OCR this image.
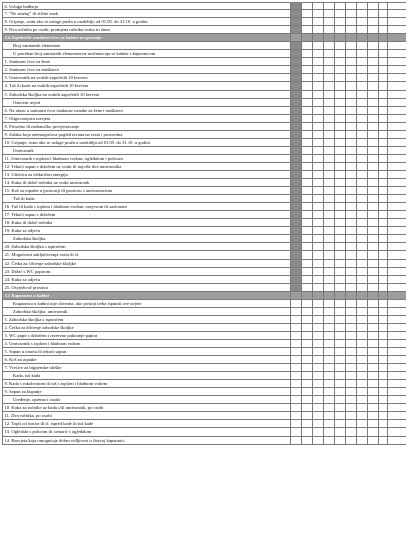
6. Usluga buđenja
7. "Ne smetaj" ili slične znak
8. Grijanje, osim ako se usluge pruža u razdoblju od 01.05. do 31.10. u godini
9. Dva ručnika po osobi, promjena ručnika svaka tri dana
3.4 Zajednički sanitarni čvor uz kabine za spavanje
Broj sanitarnih elemenata
U potreban broj sanitarnih elemenata ne uračunavaju se kabine s kupaonicom
1. Sanitarni čvor za žene
2. Sanitarni čvor za muškarce
3. Umivaonik na svakih započetih 10 kreveta
4. Tuš ili kada na svakih započetih 10 kreveta
5. Zahodska školjka na svakih započetih 10 kreveta
Osnovni uvjeti
6. Na ulazu u sanitarni čvor istaknute oznake za žene i muškarce
7. Odgovarajuća rasvjeta
8. Prirodno ili mehaničko provjetravanje
9. Zaštita koja onemogućava pogled izvana na vrata i prozorima
10. Grijanje, osim ako se usluge pruža u razdoblju od 01.05. do 31.10. u godini
Umivaonik
11. Umivaonik s toplom i hladnom vodom, ogledalom i policom
12. Tekući sapun s držačem uz svaki ili najviše dva umivaonika
13. Utičnica za električnu energiju
14. Kuka ili držač ručnika uz svaki umivaonik
15. Koš za otpatke u prostoriji ili prostoru s umivaonicima
Tuš ili kada
16. Tuš ili kada s toplom i hladnom vodom, zavjesom ili zaslonom
17. Tekući sapun s držačem
18. Kuka ili držač ručnika
19. Kuka za odjeću
Zahodska školjka
20. Zahodska školjka s ispiračem
21. Mogućnost zaključavanja vrata ili sl.
22. Četka za čišćenje zahodske školjke
23. Držač s WC papirom
24. Kuka za odjeću
25. Osvježivač prostora
3.5 Kupaonica u kabini
Kupaonica u kabini nije obvezna, ako postoji treba ispuniti ove uvjete
Zahodska školjka, umivaonik
1. Zahodska školjka s ispiračem
2. Četka za čišćenje zahodske školjke
3. WC papir s držačem i rezervno pakiranje papira
4. Umivaonik s toplom i hladnom vodom
5. Sapun u omotu ili tekući sapun
6. Koš za otpatke
7. Vrećice za higijenske uloške
Kada, tuš kada
8. Kada s rukohvatom ili tuš s toplom i hladnom vodom
9. Sapun za kupanje
Uređenje, oprema i ostalo
10. Kuka za ručnike uz kadu i/ili umivaonik, po osobi
11. Dva ručnika, po osobi
12. Topli od frotira ili sl. ispred kade ili tuš kade
13. Ogledalo s policom ili ormarić s ogledalom
14. Rasvjeta koja omogućuje dobru vidljivost u čitavoj kupaonici
